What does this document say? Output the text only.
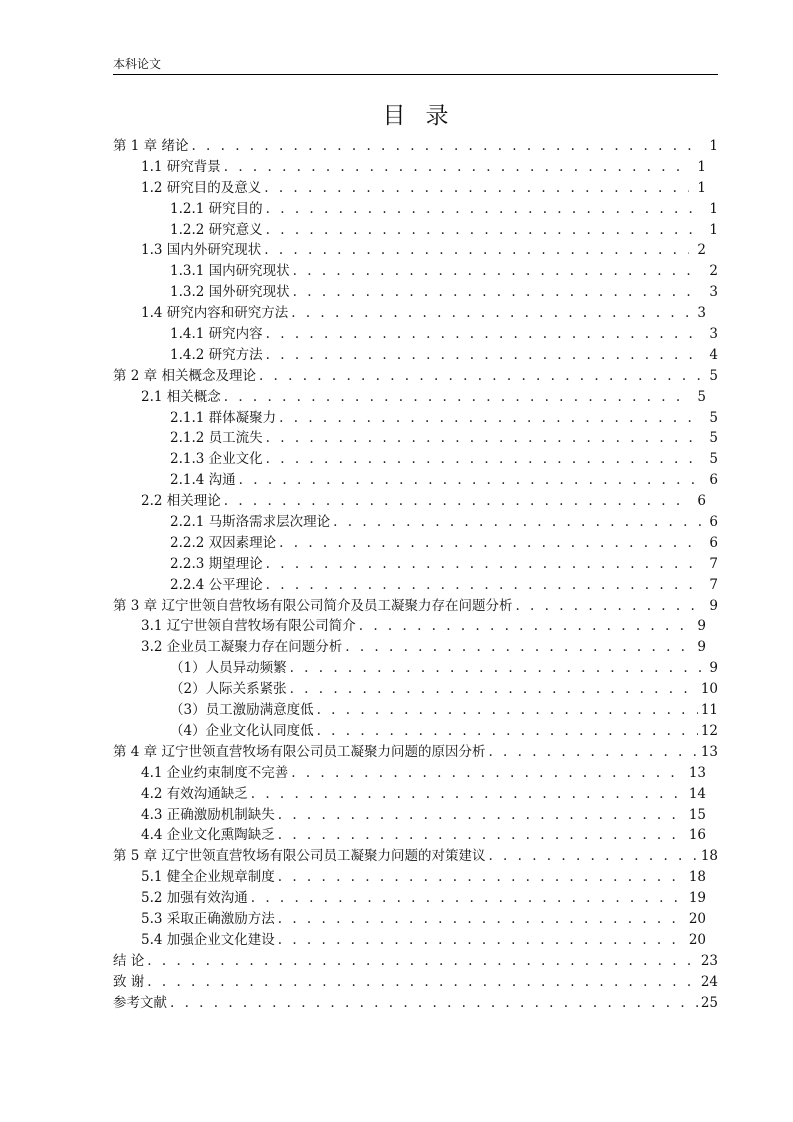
本科论文
目录
第 1 章 绪论 . . .	1
1.1 研究背景 . . .	1
1.2 研究目的及意义 . . .	1
1.2.1 研究目的 . . .	1
1.2.2 研究意义 . . .	1
1.3 国内外研究现状 . . .	2
1.3.1 国内研究现状 . . .	2
1.3.2 国外研究现状 . . .	3
1.4 研究内容和研究方法 . . .	3
1.4.1 研究内容 . . .	3
1.4.2 研究方法 . . .	4
第 2 章 相关概念及理论 . . .	5
2.1 相关概念 . . .	5
2.1.1 群体凝聚力 . . .	5
2.1.2 员工流失 . . .	5
2.1.3 企业文化 . . .	5
2.1.4 沟通 . . .	6
2.2 相关理论 . . .	6
2.2.1 马斯洛需求层次理论 . . .	6
2.2.2 双因素理论 . . .	6
2.2.3 期望理论 . . .	7
2.2.4 公平理论 . . .	7
第 3 章 辽宁世领自营牧场有限公司简介及员工凝聚力存在问题分析 . . .	9
3.1 辽宁世领自营牧场有限公司简介 . . .	9
3.2 企业员工凝聚力存在问题分析 . . .	9
（1）人员异动频繁 . . .	9
（2）人际关系紧张 . . .	10
（3）员工激励满意度低 . . .	11
（4）企业文化认同度低 . . .	12
第 4 章 辽宁世领直营牧场有限公司员工凝聚力问题的原因分析 . . .	13
4.1 企业约束制度不完善 . . .	13
4.2 有效沟通缺乏 . . .	14
4.3 正确激励机制缺失 . . .	15
4.4 企业文化熏陶缺乏 . . .	16
第 5 章 辽宁世领直营牧场有限公司员工凝聚力问题的对策建议 . . .	18
5.1 健全企业规章制度 . . .	18
5.2 加强有效沟通 . . .	19
5.3 采取正确激励方法 . . .	20
5.4 加强企业文化建设 . . .	20
结 论 . . .	23
致 谢 . . .	24
参考文献 . . .	25
